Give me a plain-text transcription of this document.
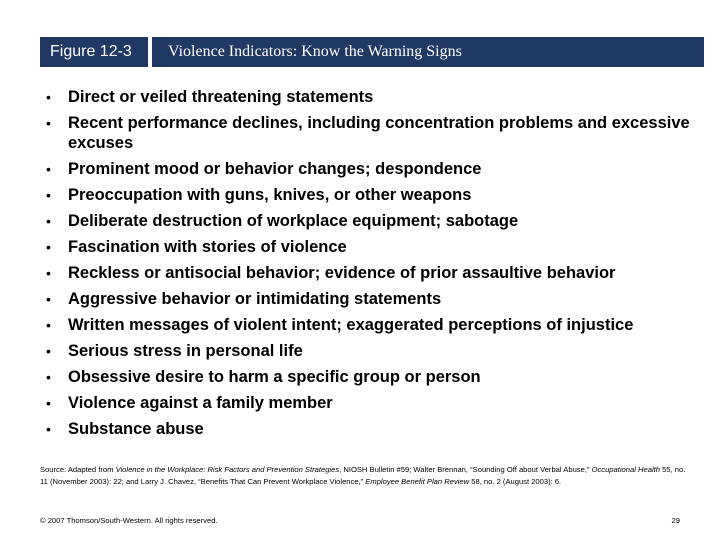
Figure 12-3	Violence Indicators: Know the Warning Signs
• Direct or veiled threatening statements
• Recent performance declines, including concentration problems and excessive excuses
• Prominent mood or behavior changes; despondence
• Preoccupation with guns, knives, or other weapons
• Deliberate destruction of workplace equipment; sabotage
• Fascination with stories of violence
• Reckless or antisocial behavior; evidence of prior assaultive behavior
• Aggressive behavior or intimidating statements
• Written messages of violent intent; exaggerated perceptions of injustice
• Serious stress in personal life
• Obsessive desire to harm a specific group or person
• Violence against a family member
• Substance abuse
Source: Adapted from Violence in the Workplace: Risk Factors and Prevention Strategies, NIOSH Bulletin #59; Walter Brennan, “Sounding Off about Verbal Abuse,” Occupational Health 55, no. 11 (November 2003): 22; and Larry J. Chavez, “Benefits That Can Prevent Workplace Violence,” Employee Benefit Plan Review 58, no. 2 (August 2003): 6.
© 2007 Thomson/South-Western. All rights reserved.	29
